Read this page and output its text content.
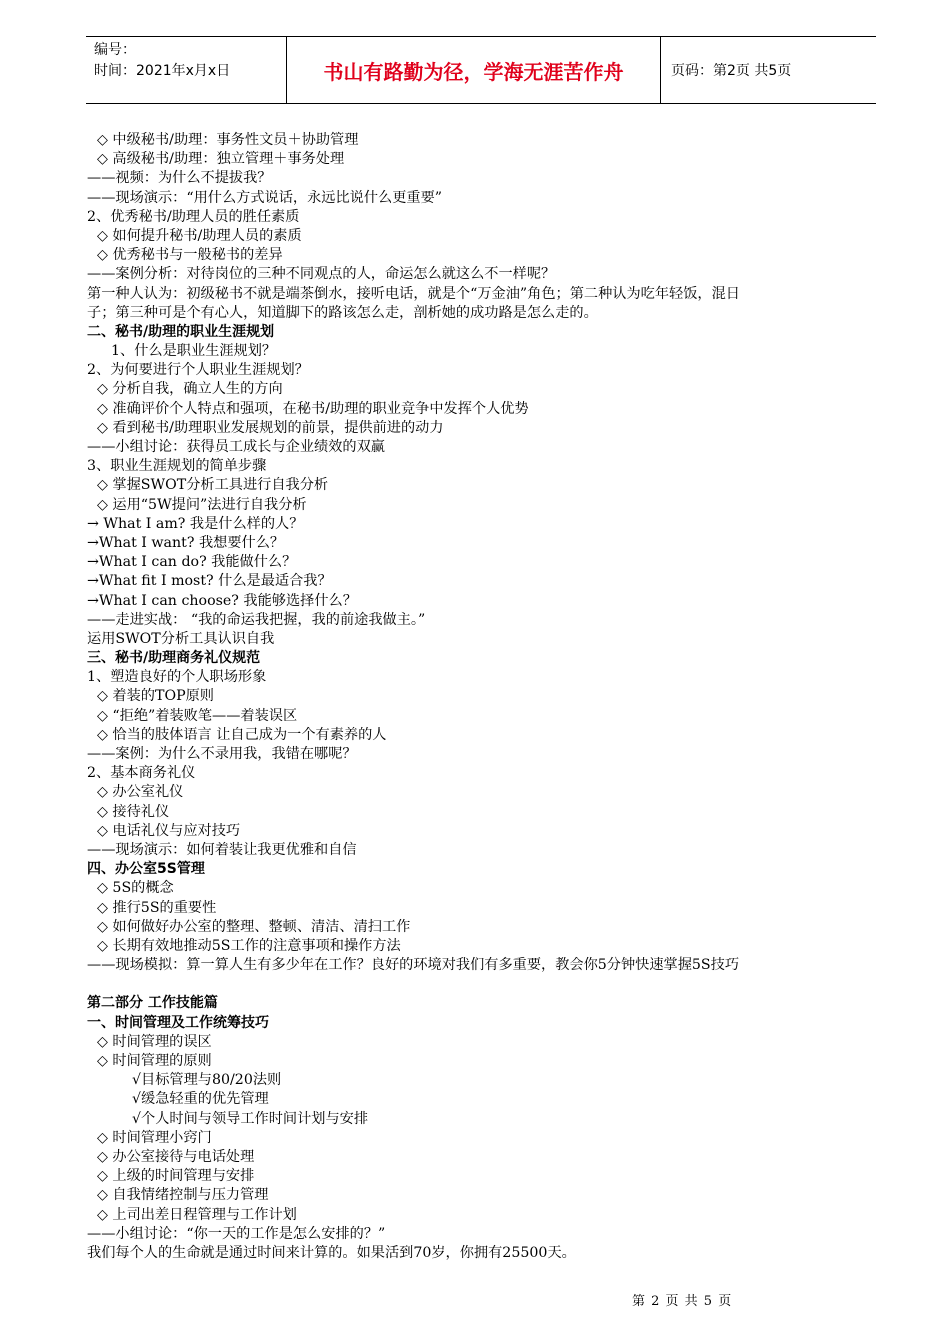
编号：
时间：2021年x月x日	书山有路勤为径，学海无涯苦作舟	页码：第2页 共5页
◇ 中级秘书/助理：事务性文员＋协助管理
◇ 高级秘书/助理：独立管理＋事务处理
——视频：为什么不提拔我？
——现场演示：“用什么方式说话，永远比说什么更重要”
2、优秀秘书/助理人员的胜任素质
◇ 如何提升秘书/助理人员的素质
◇ 优秀秘书与一般秘书的差异
——案例分析：对待岗位的三种不同观点的人，命运怎么就这么不一样呢？
第一种人认为：初级秘书不就是端茶倒水，接听电话，就是个“万金油”角色；第二种认为吃年轻饭，混日
子；第三种可是个有心人，知道脚下的路该怎么走，剖析她的成功路是怎么走的。
二、秘书/助理的职业生涯规划
1、什么是职业生涯规划？
2、为何要进行个人职业生涯规划？
◇ 分析自我，确立人生的方向
◇ 准确评价个人特点和强项，在秘书/助理的职业竞争中发挥个人优势
◇ 看到秘书/助理职业发展规划的前景，提供前进的动力
——小组讨论：获得员工成长与企业绩效的双赢
3、职业生涯规划的简单步骤
◇ 掌握SWOT分析工具进行自我分析
◇ 运用“5W提问”法进行自我分析
→ What I am? 我是什么样的人？
→What I want? 我想要什么？
→What I can do? 我能做什么？
→What fit I most? 什么是最适合我？
→What I can choose? 我能够选择什么？
——走进实战： “我的命运我把握，我的前途我做主。”
运用SWOT分析工具认识自我
三、秘书/助理商务礼仪规范
1、塑造良好的个人职场形象
◇ 着装的TOP原则
◇ “拒绝”着装败笔——着装误区
◇ 恰当的肢体语言 让自己成为一个有素养的人
——案例：为什么不录用我，我错在哪呢？
2、基本商务礼仪
◇ 办公室礼仪
◇ 接待礼仪
◇ 电话礼仪与应对技巧
——现场演示：如何着装让我更优雅和自信
四、办公室5S管理
◇ 5S的概念
◇ 推行5S的重要性
◇ 如何做好办公室的整理、整顿、清洁、清扫工作
◇ 长期有效地推动5S工作的注意事项和操作方法
——现场模拟：算一算人生有多少年在工作？良好的环境对我们有多重要，教会你5分钟快速掌握5S技巧
第二部分 工作技能篇
一、时间管理及工作统筹技巧
◇ 时间管理的误区
◇ 时间管理的原则
√目标管理与80/20法则
√缓急轻重的优先管理
√个人时间与领导工作时间计划与安排
◇ 时间管理小窍门
◇ 办公室接待与电话处理
◇ 上级的时间管理与安排
◇ 自我情绪控制与压力管理
◇ 上司出差日程管理与工作计划
——小组讨论：“你一天的工作是怎么安排的？”
我们每个人的生命就是通过时间来计算的。如果活到70岁，你拥有25500天。
第 2 页 共 5 页
